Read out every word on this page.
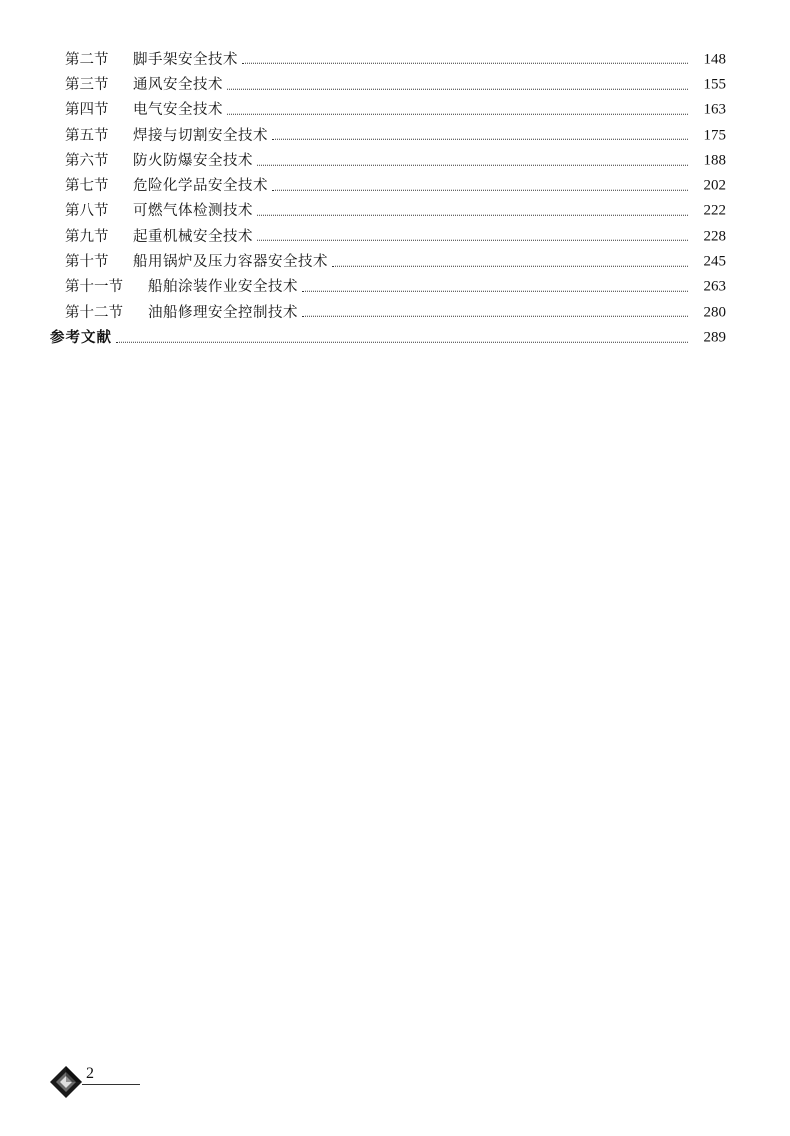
第二节 脚手架安全技术	148
第三节 通风安全技术	155
第四节 电气安全技术	163
第五节 焊接与切割安全技术	175
第六节 防火防爆安全技术	188
第七节 危险化学品安全技术	202
第八节 可燃气体检测技术	222
第九节 起重机械安全技术	228
第十节 船用锅炉及压力容器安全技术	245
第十一节 船舶涂装作业安全技术	263
第十二节 油船修理安全控制技术	280
参考文献	289
2
